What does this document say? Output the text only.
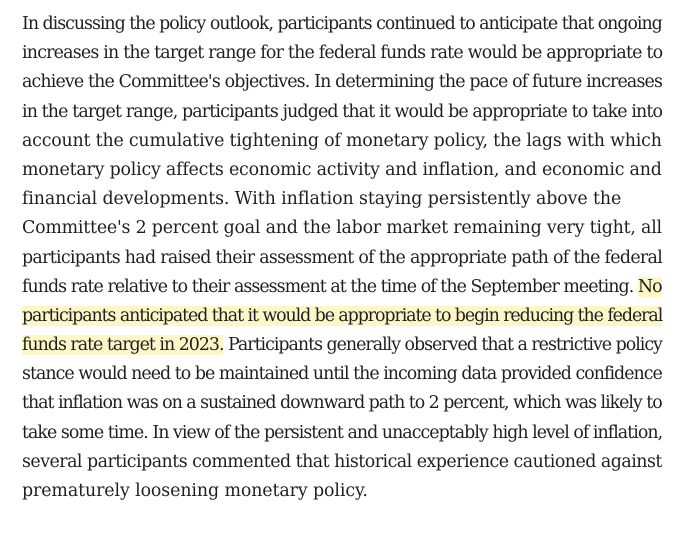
In discussing the policy outlook, participants continued to anticipate that ongoing
increases in the target range for the federal funds rate would be appropriate to
achieve the Committee's objectives. In determining the pace of future increases
in the target range, participants judged that it would be appropriate to take into
account the cumulative tightening of monetary policy, the lags with which
monetary policy affects economic activity and inflation, and economic and
financial developments. With inflation staying persistently above the
Committee's 2 percent goal and the labor market remaining very tight, all
participants had raised their assessment of the appropriate path of the federal
funds rate relative to their assessment at the time of the September meeting. No
participants anticipated that it would be appropriate to begin reducing the federal
funds rate target in 2023. Participants generally observed that a restrictive policy
stance would need to be maintained until the incoming data provided confidence
that inflation was on a sustained downward path to 2 percent, which was likely to
take some time. In view of the persistent and unacceptably high level of inflation,
several participants commented that historical experience cautioned against
prematurely loosening monetary policy.
